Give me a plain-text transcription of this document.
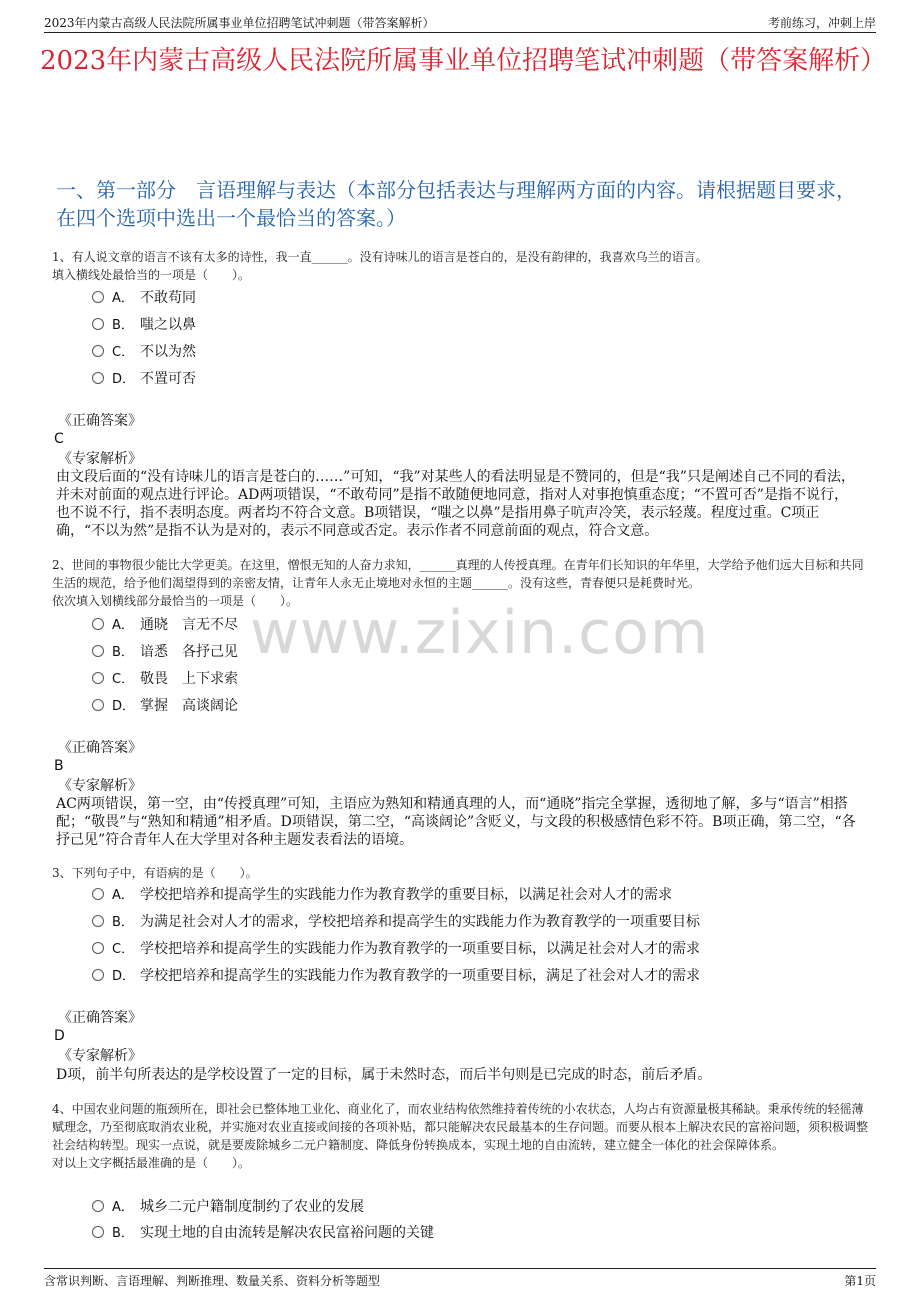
2023年内蒙古高级人民法院所属事业单位招聘笔试冲刺题（带答案解析）	考前练习，冲刺上岸
2023年内蒙古高级人民法院所属事业单位招聘笔试冲刺题（带答案解析）
一、第一部分　言语理解与表达（本部分包括表达与理解两方面的内容。请根据题目要求，在四个选项中选出一个最恰当的答案。）
www.zixin.com
1、有人说文章的语言不该有太多的诗性，我一直______。没有诗味儿的语言是苍白的，是没有韵律的，我喜欢乌兰的语言。
填入横线处最恰当的一项是（　　）。
A． 不敢苟同
B． 嗤之以鼻
C． 不以为然
D． 不置可否
《正确答案》
C
《专家解析》
由文段后面的“没有诗味儿的语言是苍白的……”可知，“我”对某些人的看法明显是不赞同的，但是“我”只是阐述自己不同的看法，并未对前面的观点进行评论。AD两项错误，“不敢苟同”是指不敢随便地同意，指对人对事抱慎重态度；“不置可否”是指不说行，也不说不行，指不表明态度。两者均不符合文意。B项错误，“嗤之以鼻”是指用鼻子吭声冷笑，表示轻蔑。程度过重。C项正确，“不以为然”是指不认为是对的，表示不同意或否定。表示作者不同意前面的观点，符合文意。
2、世间的事物很少能比大学更美。在这里，憎恨无知的人奋力求知，______真理的人传授真理。在青年们长知识的年华里，大学给予他们远大目标和共同生活的规范，给予他们渴望得到的亲密友情，让青年人永无止境地对永恒的主题______。没有这些，青春便只是耗费时光。
依次填入划横线部分最恰当的一项是（　　）。
A． 通晓　言无不尽
B． 谙悉　各抒己见
C． 敬畏　上下求索
D． 掌握　高谈阔论
《正确答案》
B
《专家解析》
AC两项错误，第一空，由“传授真理”可知，主语应为熟知和精通真理的人，而“通晓”指完全掌握，透彻地了解，多与“语言”相搭配；“敬畏”与“熟知和精通”相矛盾。D项错误，第二空，“高谈阔论”含贬义，与文段的积极感情色彩不符。B项正确，第二空，“各抒己见”符合青年人在大学里对各种主题发表看法的语境。
3、下列句子中，有语病的是（　　）。
A． 学校把培养和提高学生的实践能力作为教育教学的重要目标，以满足社会对人才的需求
B． 为满足社会对人才的需求，学校把培养和提高学生的实践能力作为教育教学的一项重要目标
C． 学校把培养和提高学生的实践能力作为教育教学的一项重要目标，以满足社会对人才的需求
D． 学校把培养和提高学生的实践能力作为教育教学的一项重要目标，满足了社会对人才的需求
《正确答案》
D
《专家解析》
D项，前半句所表达的是学校设置了一定的目标，属于未然时态，而后半句则是已完成的时态，前后矛盾。
4、中国农业问题的瓶颈所在，即社会已整体地工业化、商业化了，而农业结构依然维持着传统的小农状态，人均占有资源量极其稀缺。秉承传统的轻徭薄赋理念，乃至彻底取消农业税，并实施对农业直接或间接的各项补贴，都只能解决农民最基本的生存问题。而要从根本上解决农民的富裕问题，须积极调整社会结构转型。现实一点说，就是要废除城乡二元户籍制度、降低身份转换成本，实现土地的自由流转，建立健全一体化的社会保障体系。
对以上文字概括最准确的是（　　）。
A． 城乡二元户籍制度制约了农业的发展
B． 实现土地的自由流转是解决农民富裕问题的关键
含常识判断、言语理解、判断推理、数量关系、资料分析等题型	第1页
